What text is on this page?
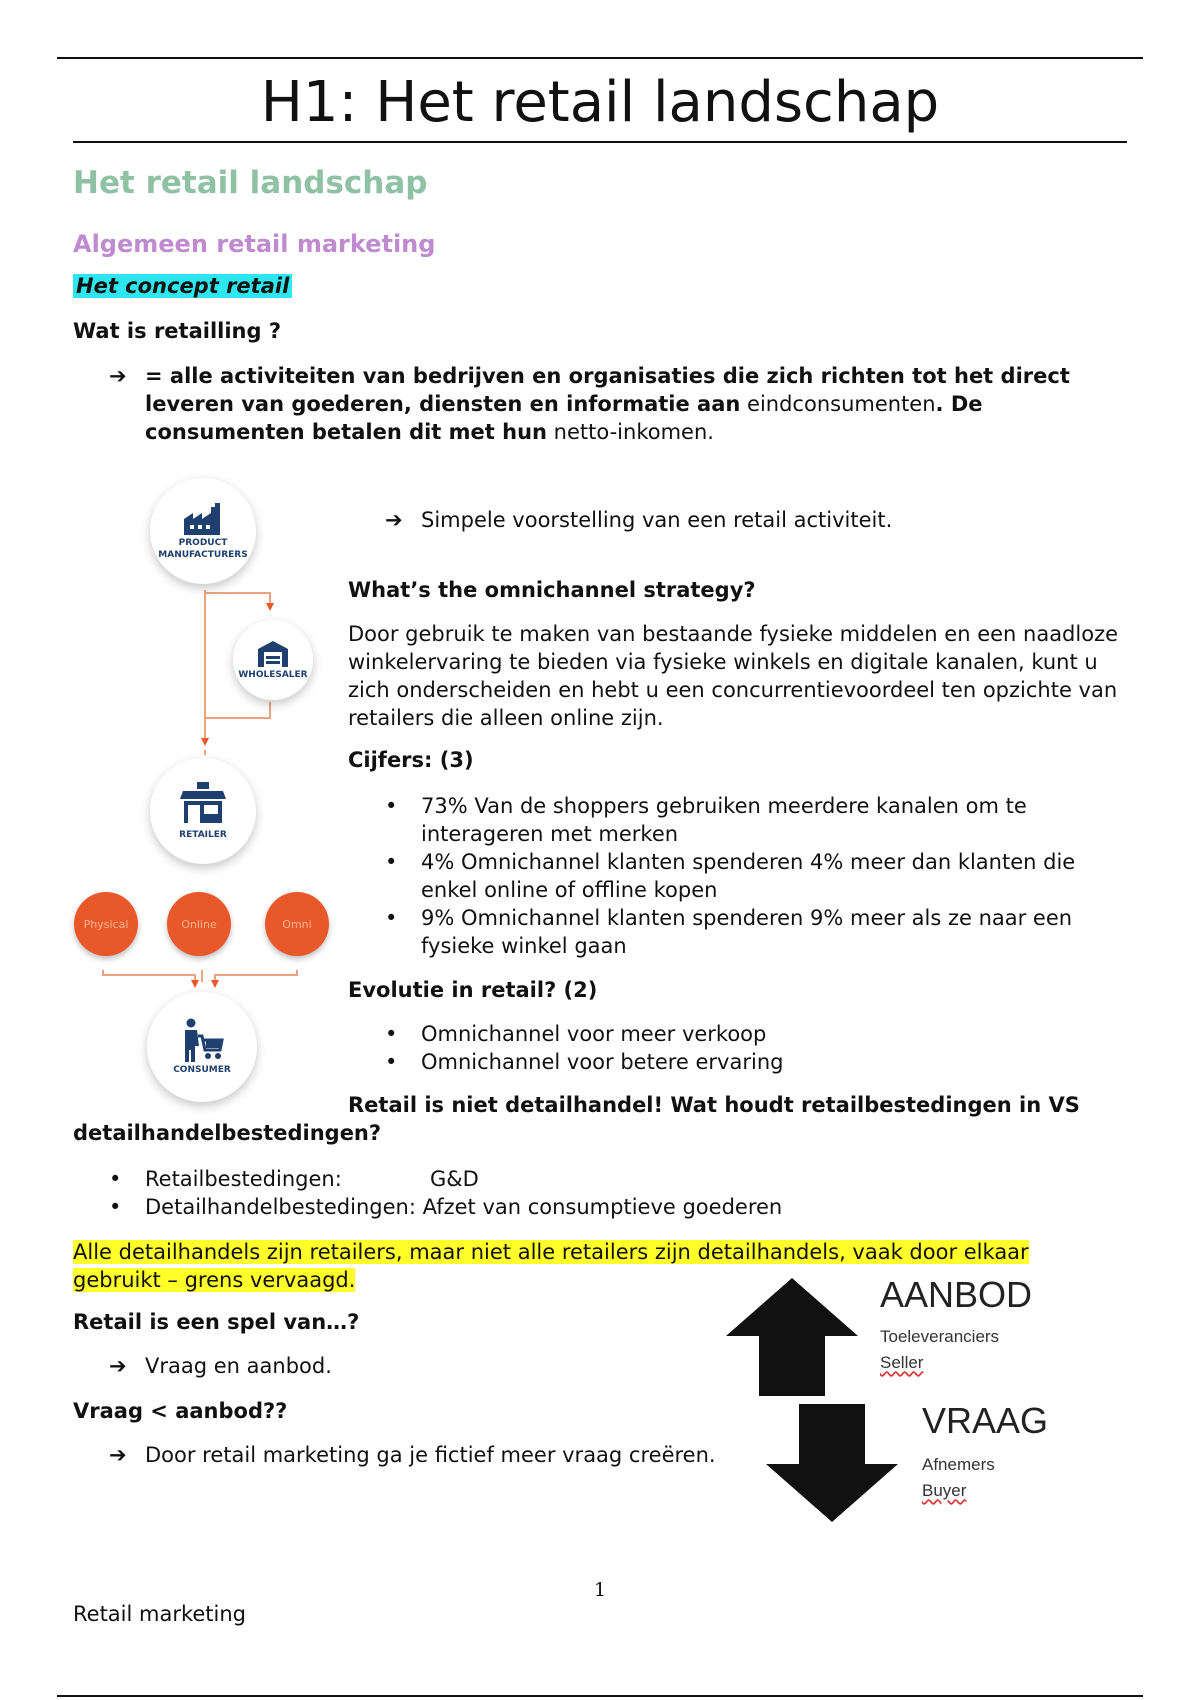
H1: Het retail landschap
Het retail landschap
Algemeen retail marketing
Het concept retail

Wat is retailling ?

➔ = alle activiteiten van bedrijven en organisaties die zich richten tot het direct leveren van goederen, diensten en informatie aan eindconsumenten. De consumenten betalen dit met hun netto-inkomen.
PRODUCT MANUFACTURERS
WHOLESALER
RETAILER
Physical	Online	Omni
CONSUMER
➔ Simpele voorstelling van een retail activiteit.

What’s the omnichannel strategy?

Door gebruik te maken van bestaande fysieke middelen en een naadloze winkelervaring te bieden via fysieke winkels en digitale kanalen, kunt u zich onderscheiden en hebt u een concurrentievoordeel ten opzichte van retailers die alleen online zijn.

Cijfers: (3)

• 73% Van de shoppers gebruiken meerdere kanalen om te interageren met merken
• 4% Omnichannel klanten spenderen 4% meer dan klanten die enkel online of offline kopen
• 9% Omnichannel klanten spenderen 9% meer als ze naar een fysieke winkel gaan

Evolutie in retail? (2)

• Omnichannel voor meer verkoop
• Omnichannel voor betere ervaring

Retail is niet detailhandel! Wat houdt retailbestedingen in VS

detailhandelbestedingen?

• Retailbestedingen:	G&D
• Detailhandelbestedingen: Afzet van consumptieve goederen

Alle detailhandels zijn retailers, maar niet alle retailers zijn detailhandels, vaak door elkaar gebruikt – grens vervaagd.

Retail is een spel van…?

➔ Vraag en aanbod.

Vraag < aanbod??

➔ Door retail marketing ga je fictief meer vraag creëren.
AANBOD
Toeleveranciers
Seller
VRAAG
Afnemers
Buyer
1
Retail marketing
